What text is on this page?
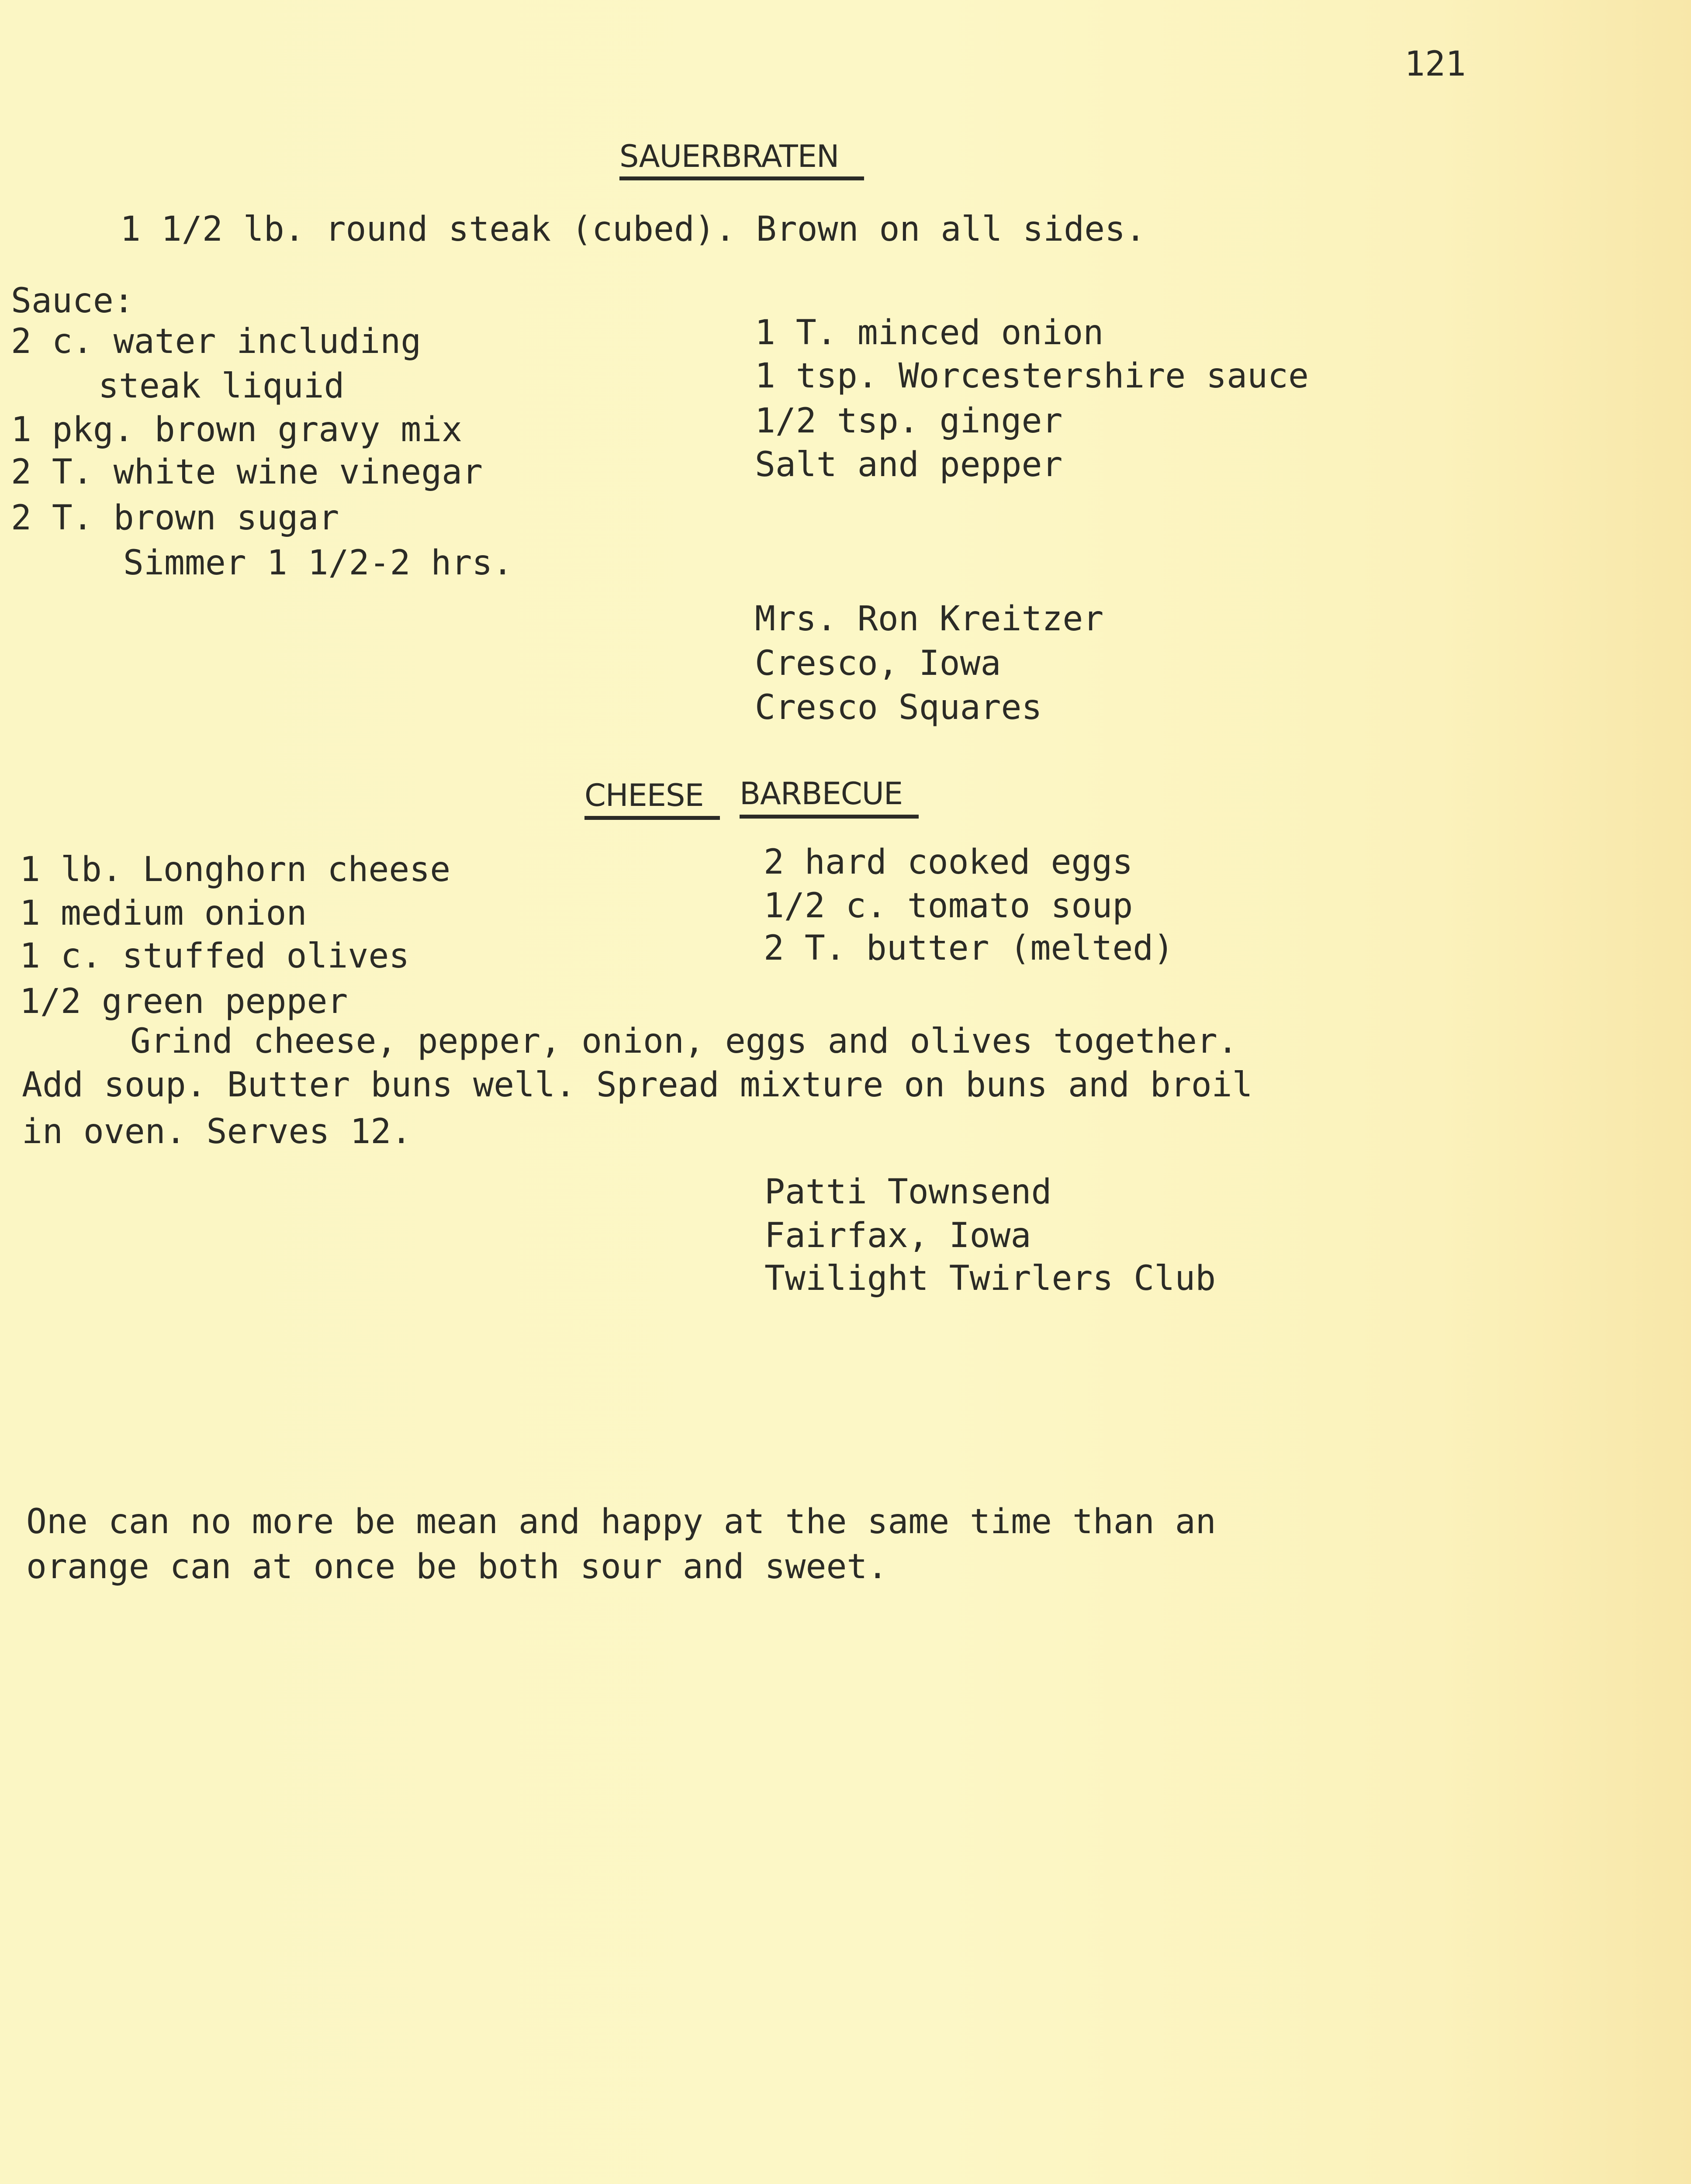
121
SAUERBRATEN
1 1/2 lb. round steak (cubed). Brown on all sides.
Sauce:
2 c. water including
steak liquid
1 pkg. brown gravy mix
2 T. white wine vinegar
2 T. brown sugar
Simmer 1 1/2-2 hrs.
1 T. minced onion
1 tsp. Worcestershire sauce
1/2 tsp. ginger
Salt and pepper
Mrs. Ron Kreitzer
Cresco, Iowa
Cresco Squares
CHEESE BARBECUE
1 lb. Longhorn cheese
1 medium onion
1 c. stuffed olives
1/2 green pepper
2 hard cooked eggs
1/2 c. tomato soup
2 T. butter (melted)
Grind cheese, pepper, onion, eggs and olives together.
Add soup. Butter buns well. Spread mixture on buns and broil
in oven. Serves 12.
Patti Townsend
Fairfax, Iowa
Twilight Twirlers Club
One can no more be mean and happy at the same time than an
orange can at once be both sour and sweet.
